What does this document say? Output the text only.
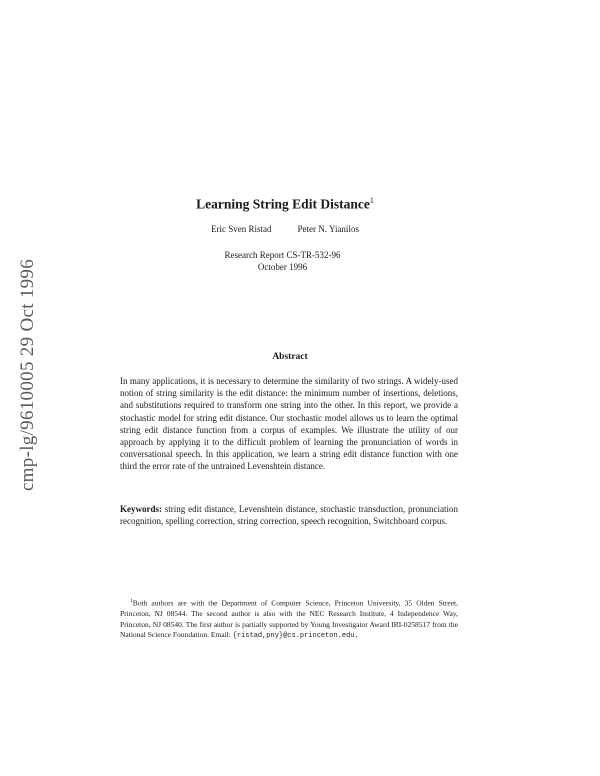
cmp-lg/9610005 29 Oct 1996
Learning String Edit Distance$^1$
Eric Sven Ristad	Peter N. Yianilos
Research Report CS-TR-532-96
October 1996
Abstract
In many applications, it is necessary to determine the similarity of two strings. A widely-used notion of string similarity is the edit distance: the minimum number of insertions, deletions, and substitutions required to transform one string into the other. In this report, we provide a stochastic model for string edit distance. Our stochastic model allows us to learn the optimal string edit distance function from a corpus of examples. We illustrate the utility of our approach by applying it to the difficult problem of learning the pronunciation of words in conversational speech. In this application, we learn a string edit distance function with one third the error rate of the untrained Levenshtein distance.
Keywords: string edit distance, Levenshtein distance, stochastic transduction, pronunciation recognition, spelling correction, string correction, speech recognition, Switchboard corpus.
$^1$Both authors are with the Department of Computer Science, Princeton University, 35 Olden Street, Princeton, NJ 08544. The second author is also with the NEC Research Institute, 4 Independence Way, Princeton, NJ 08540. The first author is partially supported by Young Investigator Award IRI-0258517 from the National Science Foundation. Email: {ristad,pny}@cs.princeton.edu.
